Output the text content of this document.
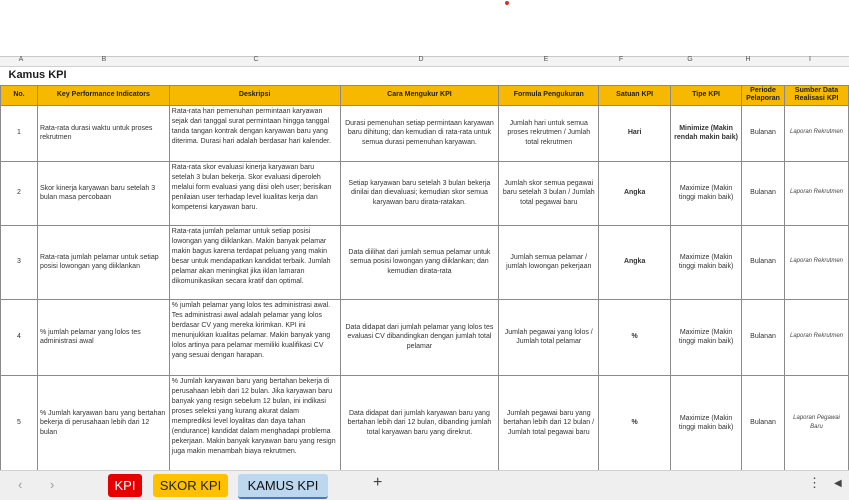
A	B	C	D	E	F	G	H	I
Kamus KPI								
No.	Key Performance Indicators	Deskripsi	Cara Mengukur KPI	Formula Pengukuran	Satuan KPI	Tipe KPI	Periode Pelaporan	Sumber Data Realisasi KPI
1	Rata-rata durasi waktu untuk proses rekrutmen	Rata-rata hari pemenuhan permintaan karyawan sejak dari tanggal surat permintaan hingga tanggal tanda tangan kontrak dengan karyawan baru yang diterima. Durasi hari adalah berdasar hari kalender.	Durasi pemenuhan setiap permintaan karyawan baru dihitung; dan kemudian di rata-rata untuk semua durasi pemenuhan karyawan.	Jumlah hari untuk semua proses rekrutmen / Jumlah total rekrutmen	Hari	Minimize (Makin rendah makin baik)	Bulanan	Laporan Rekrutmen
2	Skor kinerja karyawan baru setelah 3 bulan masa percobaan	Rata-rata skor evaluasi kinerja karyawan baru setelah 3 bulan bekerja. Skor evaluasi diperoleh melalui form evaluasi yang diisi oleh user; berisikan penilaian user terhadap level kualitas kerja dan kompetensi karyawan baru.	Setiap karyawan baru setelah 3 bulan bekerja dinilai dan dievaluasi; kemudian skor semua karyawan baru dirata-ratakan.	Jumlah skor semua pegawai baru setelah 3 bulan / Jumlah total pegawai baru	Angka	Maximize (Makin tinggi makin baik)	Bulanan	Laporan Rekrutmen
3	Rata-rata jumlah pelamar untuk setiap posisi lowongan yang diiklankan	Rata-rata jumlah pelamar untuk setiap posisi lowongan yang diiklankan. Makin banyak pelamar makin bagus karena terdapat peluang yang makin besar untuk mendapatkan kandidat terbaik. Jumlah pelamar akan meningkat jika iklan lamaran dikomunikasikan secara kratif dan optimal.	Data diilihat dari jumlah semua pelamar untuk semua posisi lowongan yang diiklankan; dan kemudian dirata-rata	Jumlah semua pelamar / jumlah lowongan pekerjaan	Angka	Maximize (Makin tinggi makin baik)	Bulanan	Laporan Rekrutmen
4	% jumlah pelamar yang lolos tes administrasi awal	% jumlah pelamar yang lolos tes administrasi awal. Tes administrasi awal adalah pelamar yang lolos berdasar CV yang mereka kirimkan. KPI ini menunjukkan kualitas pelamar. Makin banyak yang lolos artinya para pelamar memiliki kualifikasi CV yang sesuai dengan harapan.	Data didapat dari jumlah pelamar yang lolos tes evaluasi CV dibandingkan dengan jumlah total pelamar	Jumlah pegawai yang lolos / Jumlah total pelamar	%	Maximize (Makin tinggi makin baik)	Bulanan	Laporan Rekrutmen
5	% Jumlah karyawan baru yang bertahan bekerja di perusahaan lebih dari 12 bulan	% Jumlah karyawan baru yang bertahan bekerja di perusahaan lebih dari 12 bulan. Jika karyawan baru banyak yang resign sebelum 12 bulan, ini indikasi proses seleksi yang kurang akurat dalam memprediksi level loyalitas dan daya tahan (endurance) kandidat dalam menghadapi problema pekerjaan. Makin banyak karyawan baru yang resign juga makin menambah biaya rekrutmen.	Data didapat dari jumlah karyawan baru yang bertahan lebih dari 12 bulan, dibanding jumlah total karyawan baru yang direkrut.	Jumlah pegawai baru yang bertahan lebih dari 12 bulan / Jumlah total pegawai baru	%	Maximize (Makin tinggi makin baik)	Bulanan	Laporan Pegawai Baru
‹ ›	KPI	SKOR KPI	KAMUS KPI	+	⋮ ◀
